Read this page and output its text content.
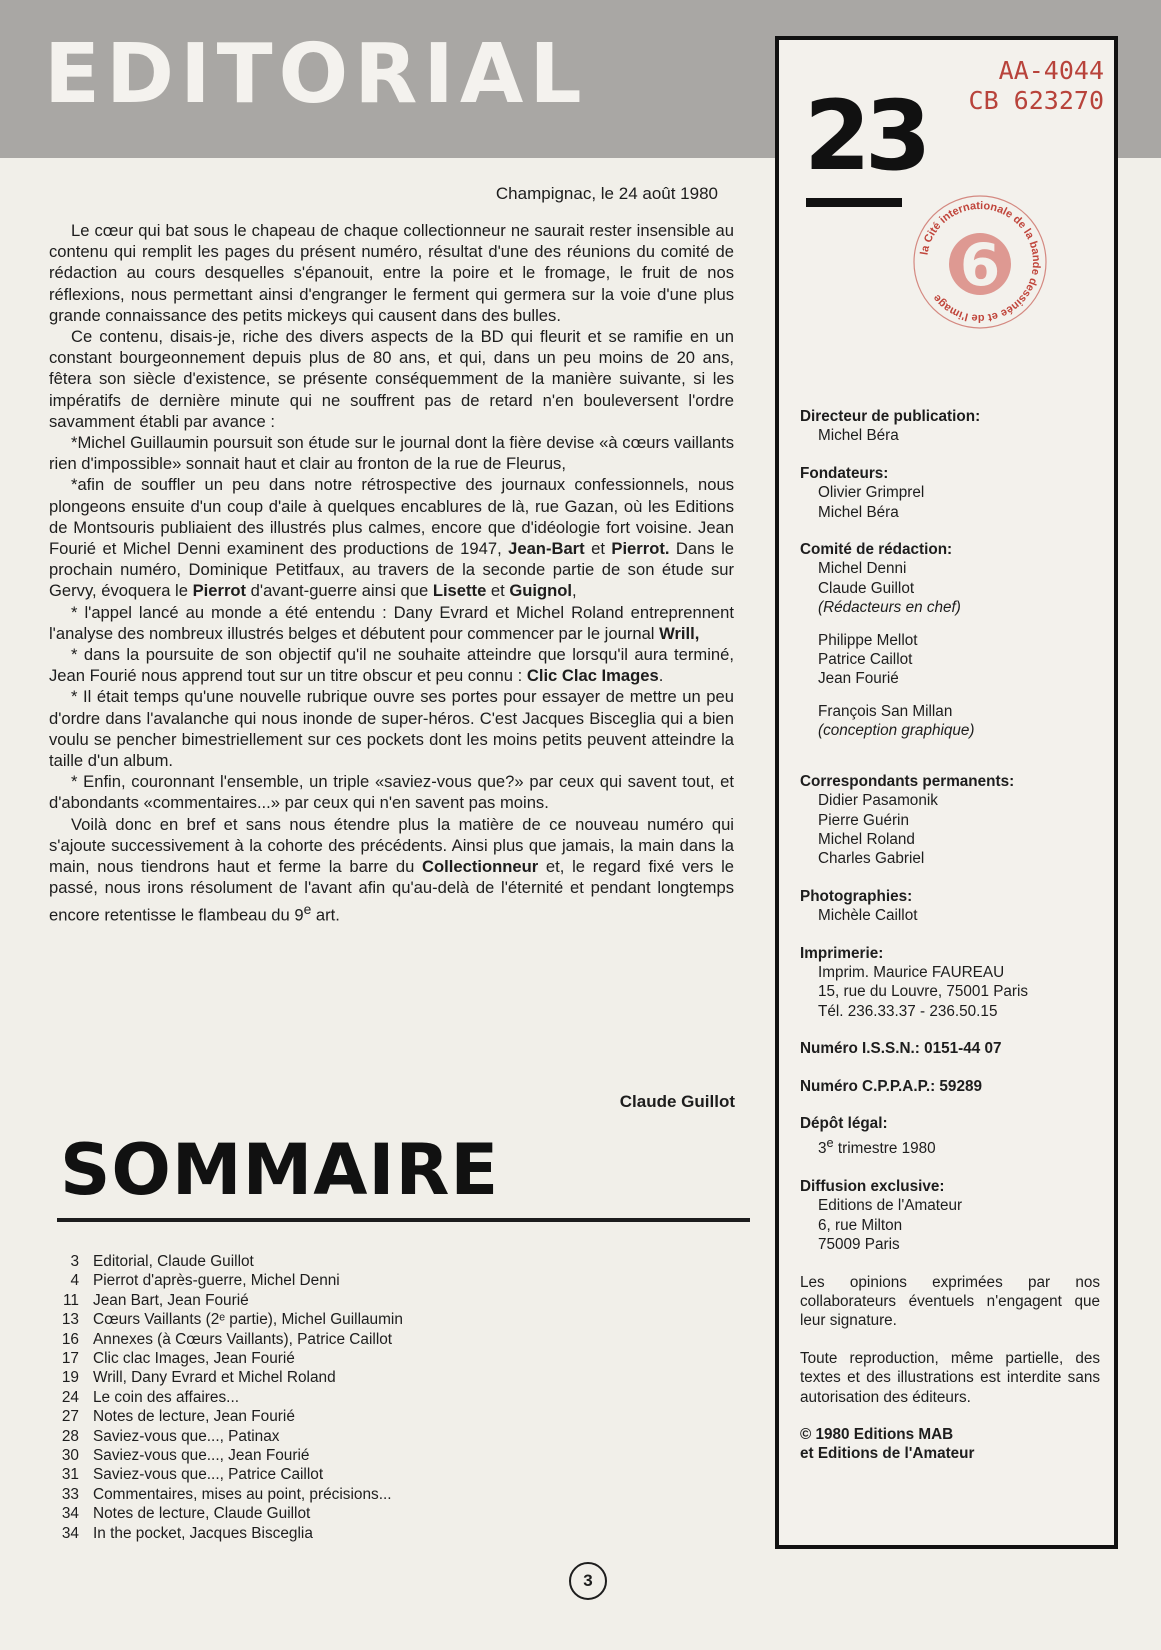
EDITORIAL
Champignac, le 24 août 1980

Le cœur qui bat sous le chapeau de chaque collectionneur ne saurait rester insensible au contenu qui remplit les pages du présent numéro, résultat d'une des réunions du comité de rédaction au cours desquelles s'épanouit, entre la poire et le fromage, le fruit de nos réflexions, nous permettant ainsi d'engranger le ferment qui germera sur la voie d'une plus grande connaissance des petits mickeys qui causent dans des bulles.

Ce contenu, disais-je, riche des divers aspects de la BD qui fleurit et se ramifie en un constant bourgeonnement depuis plus de 80 ans, et qui, dans un peu moins de 20 ans, fêtera son siècle d'existence, se présente conséquemment de la manière suivante, si les impératifs de dernière minute qui ne souffrent pas de retard n'en bouleversent l'ordre savamment établi par avance :

*Michel Guillaumin poursuit son étude sur le journal dont la fière devise «à cœurs vaillants rien d'impossible» sonnait haut et clair au fronton de la rue de Fleurus,

*afin de souffler un peu dans notre rétrospective des journaux confessionnels, nous plongeons ensuite d'un coup d'aile à quelques encablures de là, rue Gazan, où les Editions de Montsouris publiaient des illustrés plus calmes, encore que d'idéologie fort voisine. Jean Fourié et Michel Denni examinent des productions de 1947, Jean-Bart et Pierrot. Dans le prochain numéro, Dominique Petitfaux, au travers de la seconde partie de son étude sur Gervy, évoquera le Pierrot d'avant-guerre ainsi que Lisette et Guignol,

* l'appel lancé au monde a été entendu : Dany Evrard et Michel Roland entreprennent l'analyse des nombreux illustrés belges et débutent pour commencer par le journal Wrill,

* dans la poursuite de son objectif qu'il ne souhaite atteindre que lorsqu'il aura terminé, Jean Fourié nous apprend tout sur un titre obscur et peu connu : Clic Clac Images.

* Il était temps qu'une nouvelle rubrique ouvre ses portes pour essayer de mettre un peu d'ordre dans l'avalanche qui nous inonde de super-héros. C'est Jacques Bisceglia qui a bien voulu se pencher bimestriellement sur ces pockets dont les moins petits peuvent atteindre la taille d'un album.

* Enfin, couronnant l'ensemble, un triple «saviez-vous que?» par ceux qui savent tout, et d'abondants «commentaires...» par ceux qui n'en savent pas moins.

Voilà donc en bref et sans nous étendre plus la matière de ce nouveau numéro qui s'ajoute successivement à la cohorte des précédents. Ainsi plus que jamais, la main dans la main, nous tiendrons haut et ferme la barre du Collectionneur et, le regard fixé vers le passé, nous irons résolument de l'avant afin qu'au-delà de l'éternité et pendant longtemps encore retentisse le flambeau du 9e art.

Claude Guillot
SOMMAIRE
3 Editorial, Claude Guillot
4 Pierrot d'après-guerre, Michel Denni
11 Jean Bart, Jean Fourié
13 Cœurs Vaillants (2ᵉ partie), Michel Guillaumin
16 Annexes (à Cœurs Vaillants), Patrice Caillot
17 Clic clac Images, Jean Fourié
19 Wrill, Dany Evrard et Michel Roland
24 Le coin des affaires...
27 Notes de lecture, Jean Fourié
28 Saviez-vous que..., Patinax
30 Saviez-vous que..., Jean Fourié
31 Saviez-vous que..., Patrice Caillot
33 Commentaires, mises au point, précisions...
34 Notes de lecture, Claude Guillot
34 In the pocket, Jacques Bisceglia
3
23
AA-4044
CB 623270
la Cité internationale de la bande dessinée et de l'image 6
Directeur de publication:
Michel Béra
Fondateurs:
Olivier Grimprel
Michel Béra
Comité de rédaction:
Michel Denni
Claude Guillot
(Rédacteurs en chef)
Philippe Mellot
Patrice Caillot
Jean Fourié
François San Millan
(conception graphique)
Correspondants permanents:
Didier Pasamonik
Pierre Guérin
Michel Roland
Charles Gabriel
Photographies:
Michèle Caillot
Imprimerie:
Imprim. Maurice FAUREAU
15, rue du Louvre, 75001 Paris
Tél. 236.33.37 - 236.50.15
Numéro I.S.S.N.: 0151-44 07
Numéro C.P.P.A.P.: 59289
Dépôt légal:
3e trimestre 1980
Diffusion exclusive:
Editions de l'Amateur
6, rue Milton
75009 Paris
Les opinions exprimées par nos collaborateurs éventuels n'engagent que leur signature.
Toute reproduction, même partielle, des textes et des illustrations est interdite sans autorisation des éditeurs.
© 1980 Editions MAB
et Editions de l'Amateur
